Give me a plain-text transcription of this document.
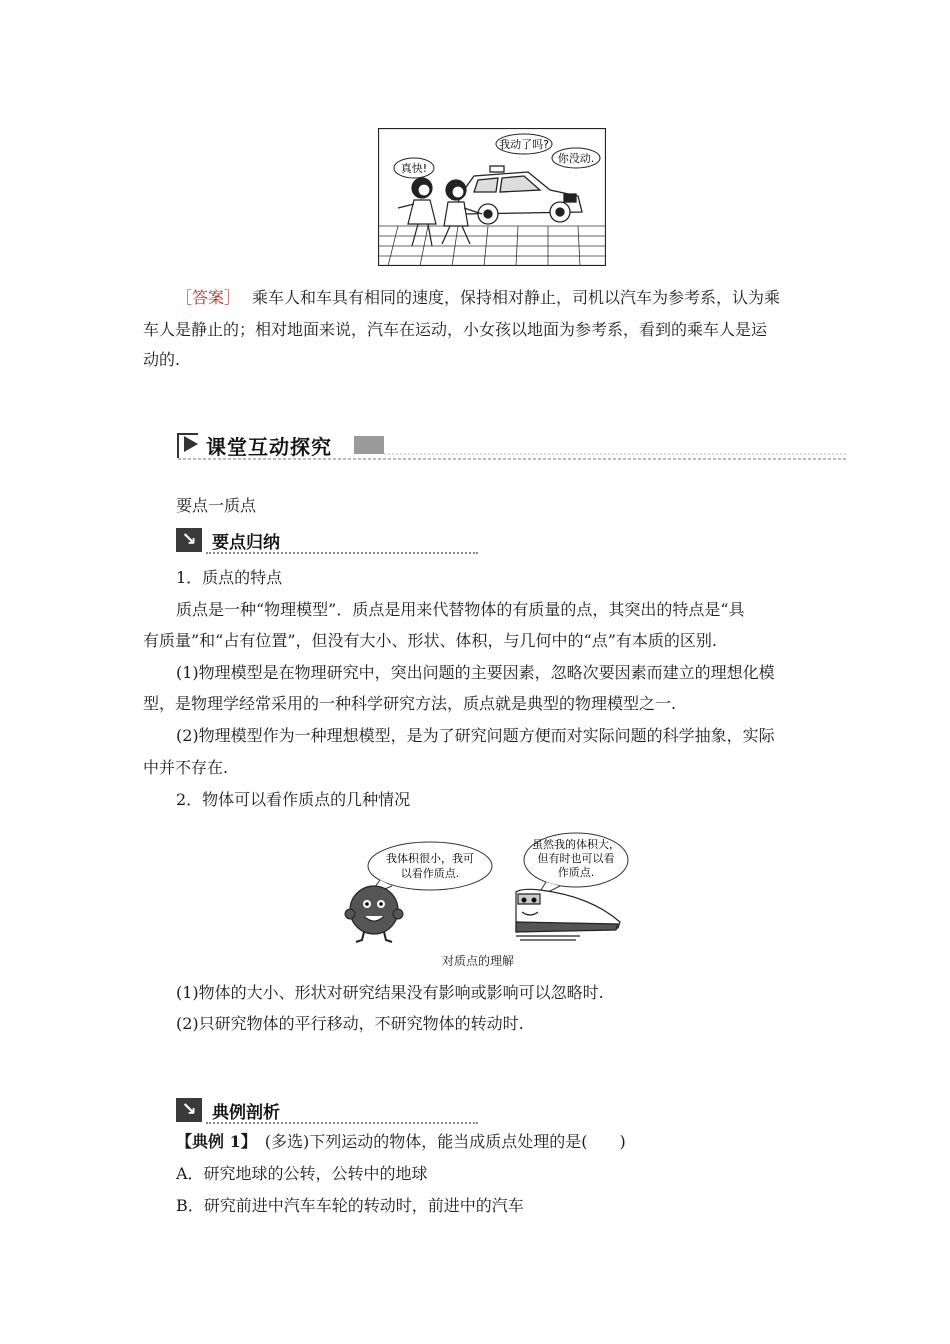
真快!
我动了吗?
你没动.
［答案］ 乘车人和车具有相同的速度，保持相对静止，司机以汽车为参考系，认为乘
车人是静止的；相对地面来说，汽车在运动，小女孩以地面为参考系，看到的乘车人是运
动的.
课堂互动探究
要点一质点
↘ 要点归纳
1．质点的特点
质点是一种“物理模型”．质点是用来代替物体的有质量的点，其突出的特点是“具
有质量”和“占有位置”，但没有大小、形状、体积，与几何中的“点”有本质的区别.
(1)物理模型是在物理研究中，突出问题的主要因素，忽略次要因素而建立的理想化模
型，是物理学经常采用的一种科学研究方法，质点就是典型的物理模型之一.
(2)物理模型作为一种理想模型，是为了研究问题方便而对实际问题的科学抽象，实际
中并不存在.
2．物体可以看作质点的几种情况
我体积很小，我可
以看作质点.
虽然我的体积大，
但有时也可以看
作质点.
对质点的理解
(1)物体的大小、形状对研究结果没有影响或影响可以忽略时.
(2)只研究物体的平行移动，不研究物体的转动时.
↘ 典例剖析
【典例 1】　(多选)下列运动的物体，能当成质点处理的是(　　)
A．研究地球的公转，公转中的地球
B．研究前进中汽车车轮的转动时，前进中的汽车
